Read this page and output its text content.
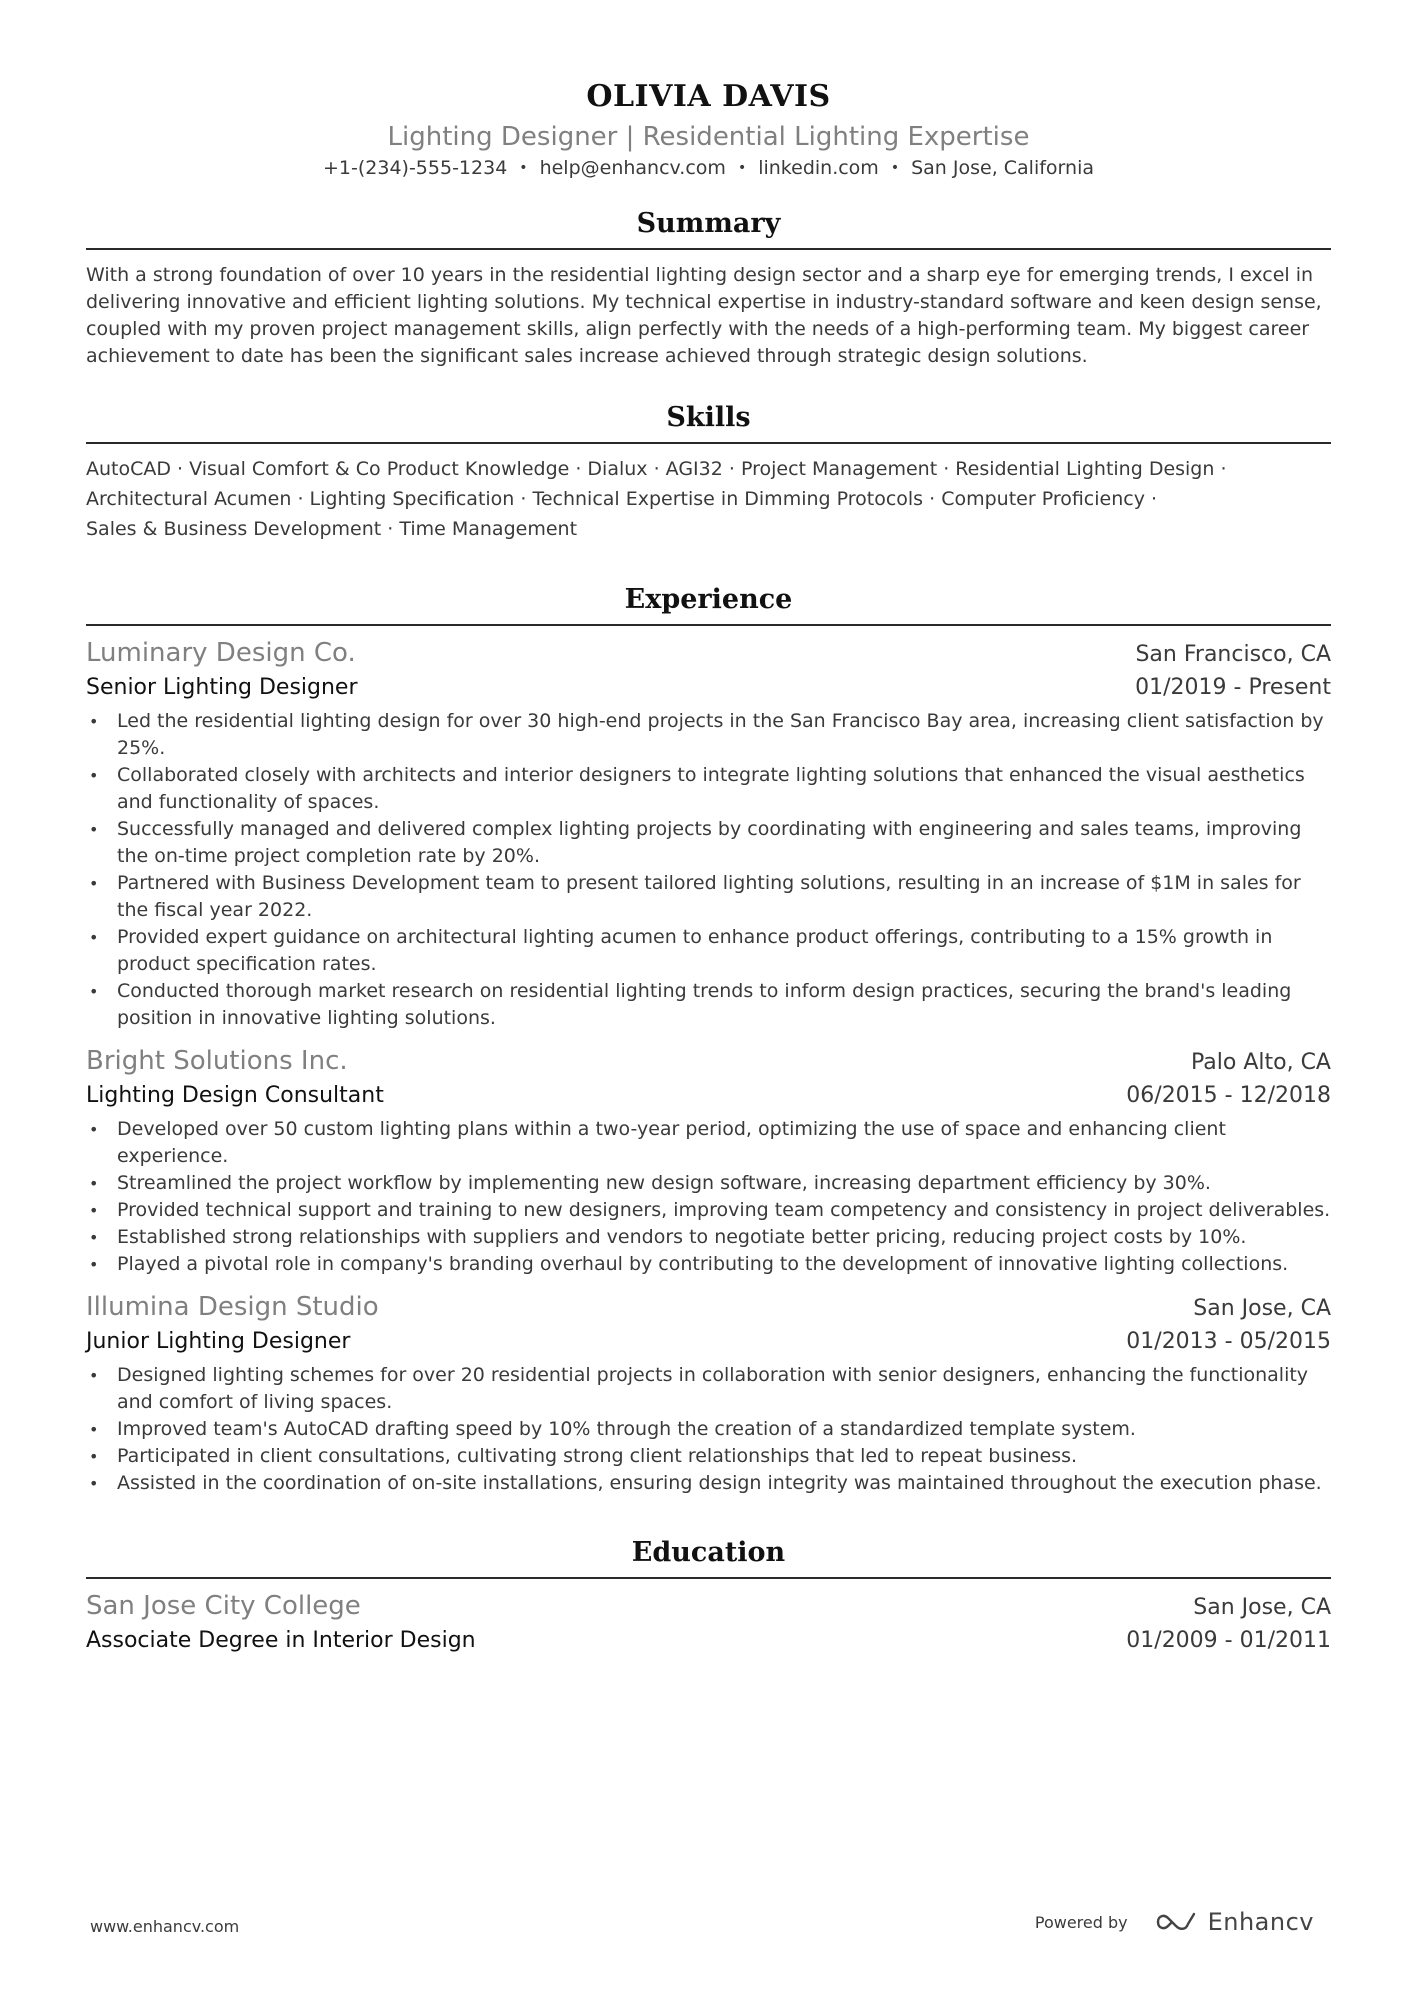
OLIVIA DAVIS
Lighting Designer | Residential Lighting Expertise
+1-(234)-555-1234 • help@enhancv.com • linkedin.com • San Jose, California
Summary
With a strong foundation of over 10 years in the residential lighting design sector and a sharp eye for emerging trends, I excel in delivering innovative and efficient lighting solutions. My technical expertise in industry-standard software and keen design sense, coupled with my proven project management skills, align perfectly with the needs of a high-performing team. My biggest career achievement to date has been the significant sales increase achieved through strategic design solutions.
Skills
AutoCAD · Visual Comfort & Co Product Knowledge · Dialux · AGI32 · Project Management · Residential Lighting Design ·
Architectural Acumen · Lighting Specification · Technical Expertise in Dimming Protocols · Computer Proficiency ·
Sales & Business Development · Time Management
Experience
Luminary Design Co.	San Francisco, CA
Senior Lighting Designer	01/2019 - Present
• Led the residential lighting design for over 30 high-end projects in the San Francisco Bay area, increasing client satisfaction by 25%.
• Collaborated closely with architects and interior designers to integrate lighting solutions that enhanced the visual aesthetics and functionality of spaces.
• Successfully managed and delivered complex lighting projects by coordinating with engineering and sales teams, improving the on-time project completion rate by 20%.
• Partnered with Business Development team to present tailored lighting solutions, resulting in an increase of $1M in sales for the fiscal year 2022.
• Provided expert guidance on architectural lighting acumen to enhance product offerings, contributing to a 15% growth in product specification rates.
• Conducted thorough market research on residential lighting trends to inform design practices, securing the brand's leading position in innovative lighting solutions.
Bright Solutions Inc.	Palo Alto, CA
Lighting Design Consultant	06/2015 - 12/2018
• Developed over 50 custom lighting plans within a two-year period, optimizing the use of space and enhancing client experience.
• Streamlined the project workflow by implementing new design software, increasing department efficiency by 30%.
• Provided technical support and training to new designers, improving team competency and consistency in project deliverables.
• Established strong relationships with suppliers and vendors to negotiate better pricing, reducing project costs by 10%.
• Played a pivotal role in company's branding overhaul by contributing to the development of innovative lighting collections.
Illumina Design Studio	San Jose, CA
Junior Lighting Designer	01/2013 - 05/2015
• Designed lighting schemes for over 20 residential projects in collaboration with senior designers, enhancing the functionality and comfort of living spaces.
• Improved team's AutoCAD drafting speed by 10% through the creation of a standardized template system.
• Participated in client consultations, cultivating strong client relationships that led to repeat business.
• Assisted in the coordination of on-site installations, ensuring design integrity was maintained throughout the execution phase.
Education
San Jose City College	San Jose, CA
Associate Degree in Interior Design	01/2009 - 01/2011
www.enhancv.com	Powered by	Enhancv
